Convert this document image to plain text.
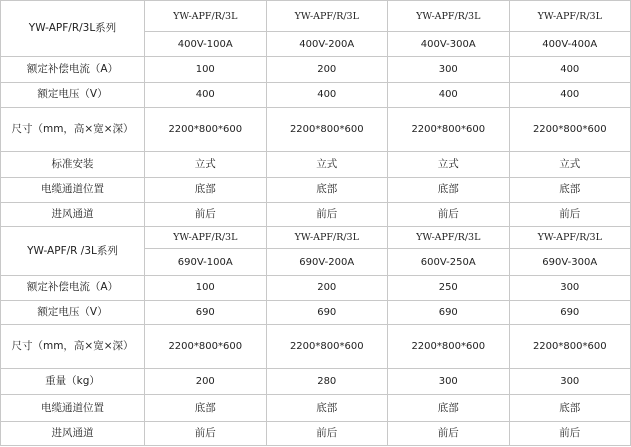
YW-APF/R/3L系列	YW-APF/R/3L	YW-APF/R/3L	YW-APF/R/3L	YW-APF/R/3L
	400V-100A	400V-200A	400V-300A	400V-400A
额定补偿电流（A）	100	200	300	400
额定电压（V）	400	400	400	400
尺寸（mm，高×宽×深）	2200*800*600	2200*800*600	2200*800*600	2200*800*600
标准安装	立式	立式	立式	立式
电缆通道位置	底部	底部	底部	底部
进风通道	前后	前后	前后	前后
YW-APF/R /3L系列	YW-APF/R/3L	YW-APF/R/3L	YW-APF/R/3L	YW-APF/R/3L
	690V-100A	690V-200A	600V-250A	690V-300A
额定补偿电流（A）	100	200	250	300
额定电压（V）	690	690	690	690
尺寸（mm，高×宽×深）	2200*800*600	2200*800*600	2200*800*600	2200*800*600
重量（kg）	200	280	300	300
电缆通道位置	底部	底部	底部	底部
进风通道	前后	前后	前后	前后
